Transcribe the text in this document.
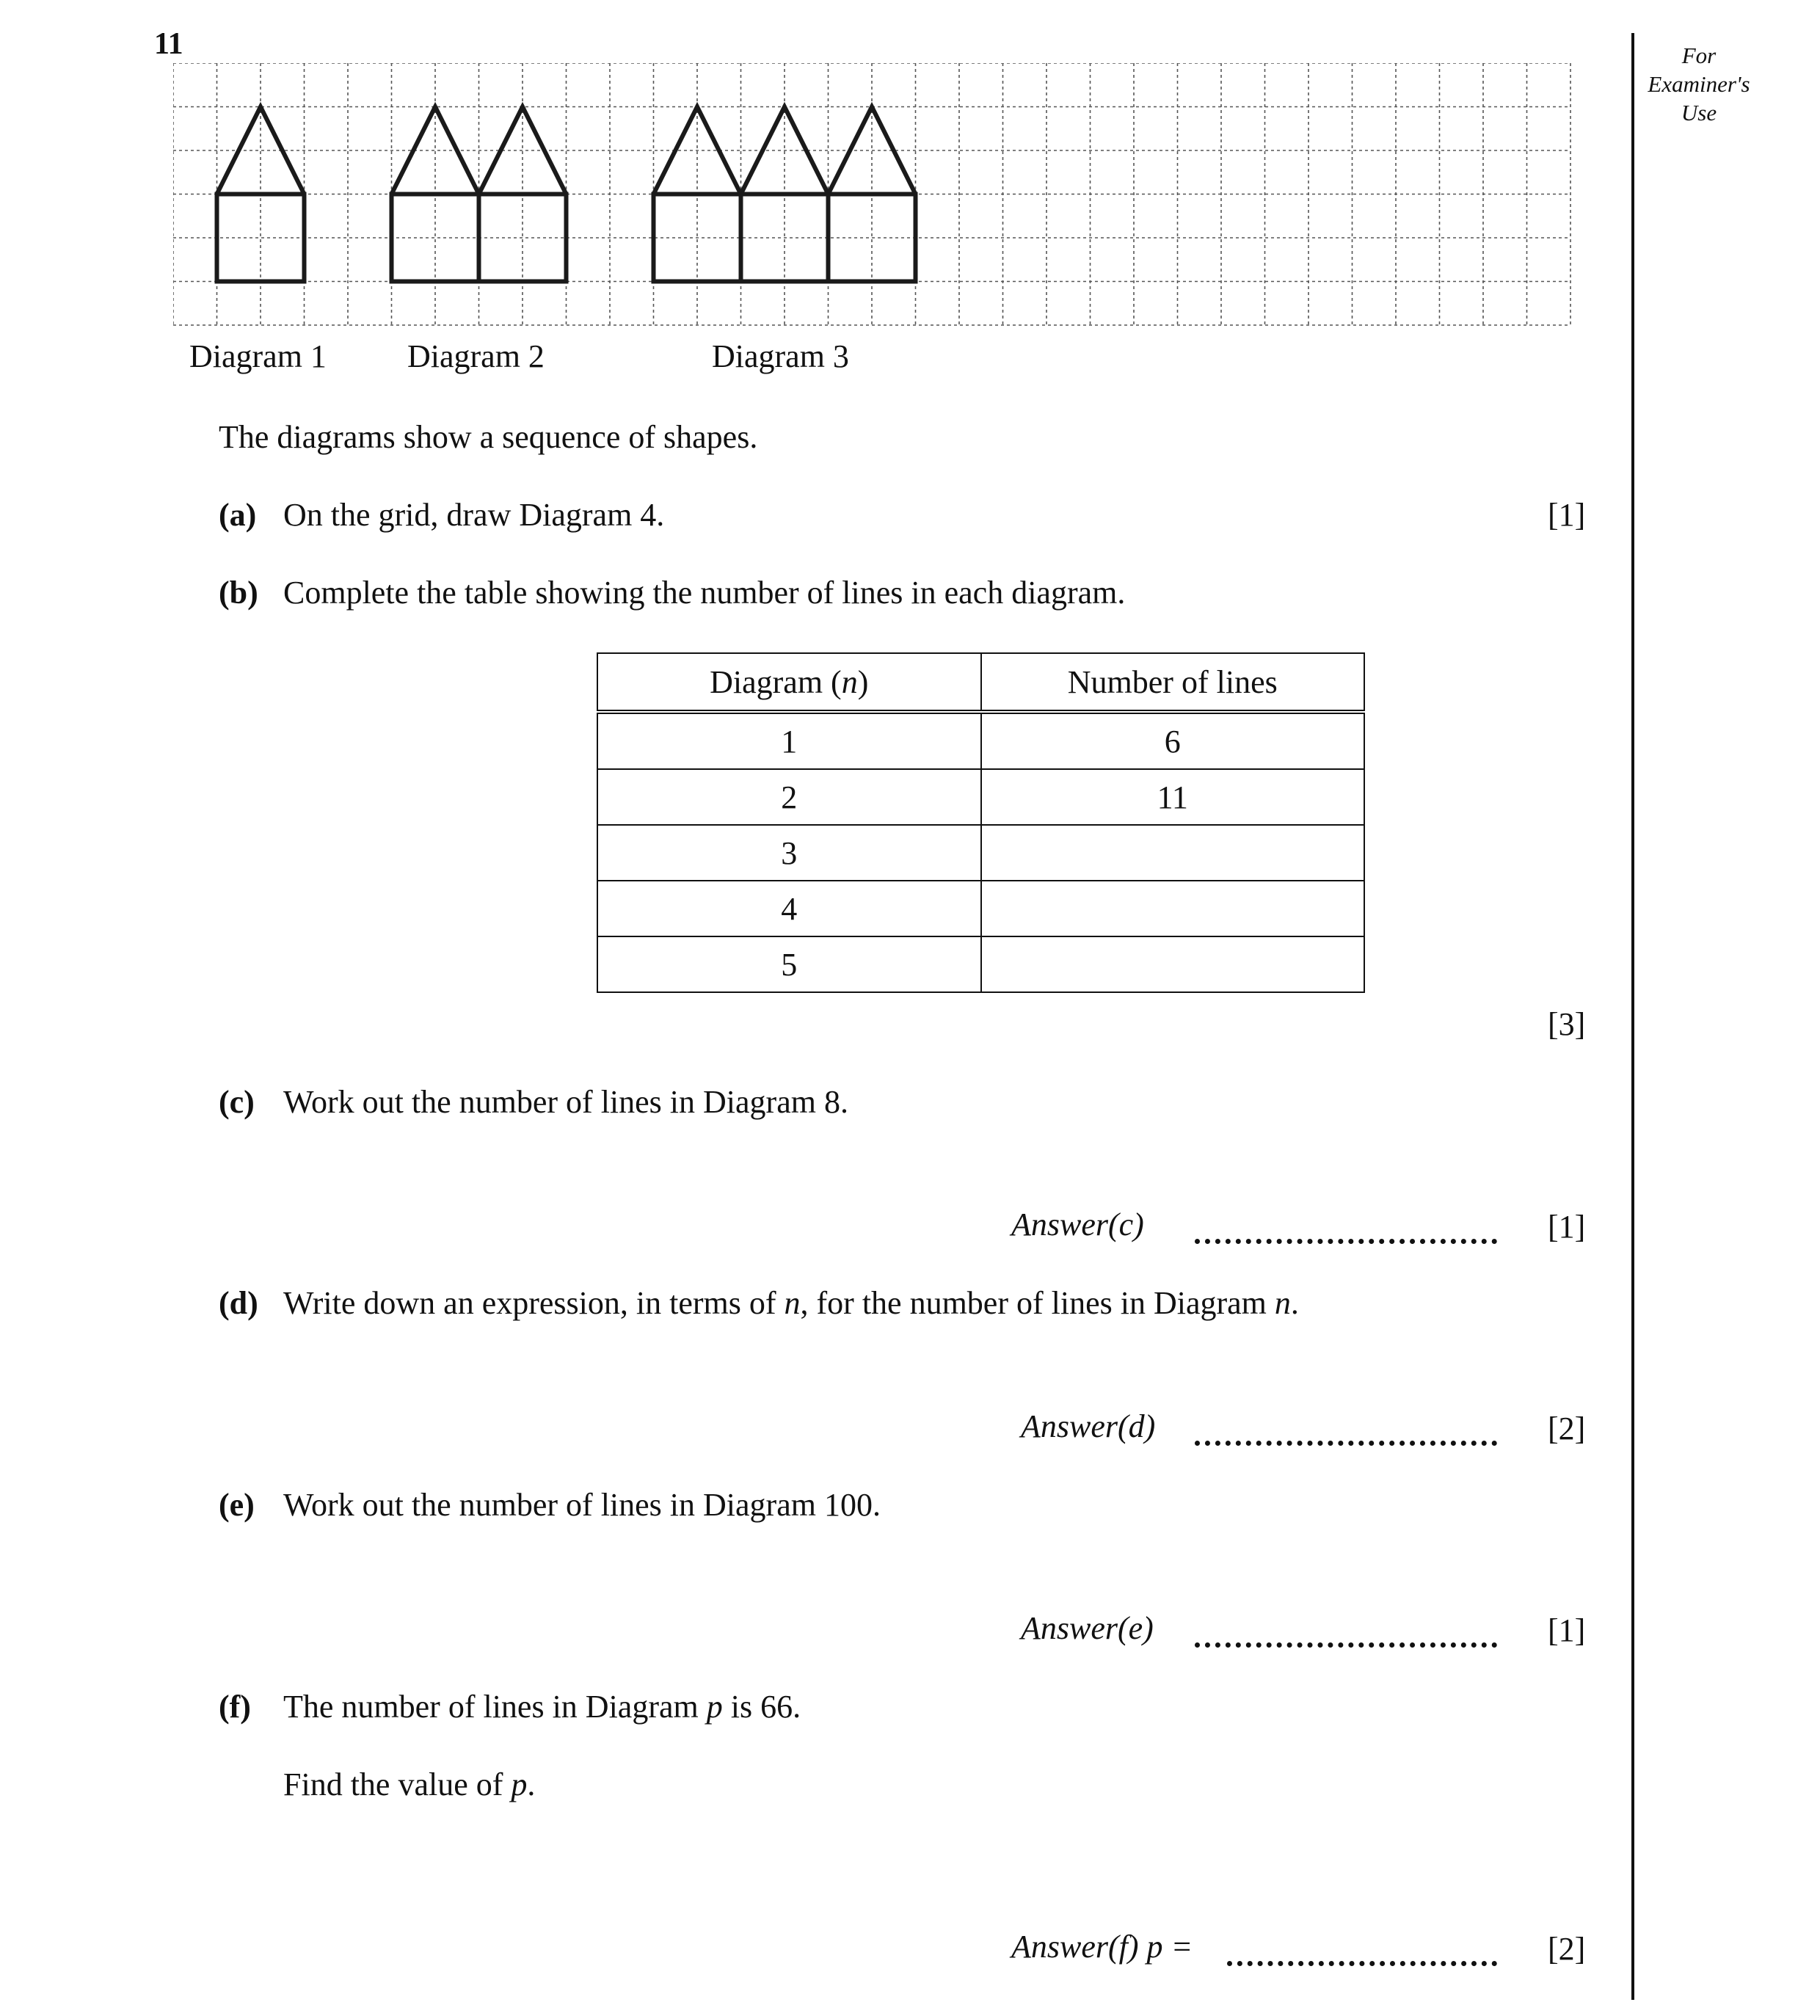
11	For
Examiner's
Use
Diagram 1	Diagram 2	Diagram 3
The diagrams show a sequence of shapes.
(a) On the grid, draw Diagram 4.	[1]
(b) Complete the table showing the number of lines in each diagram.
Diagram (n)	Number of lines
1	6
2	11
3	
4	
5	
[3]
(c) Work out the number of lines in Diagram 8.
Answer(c)	[1]
(d) Write down an expression, in terms of n, for the number of lines in Diagram n.
Answer(d)	[2]
(e) Work out the number of lines in Diagram 100.
Answer(e)	[1]
(f) The number of lines in Diagram p is 66.
Find the value of p.
Answer(f) p =	[2]
